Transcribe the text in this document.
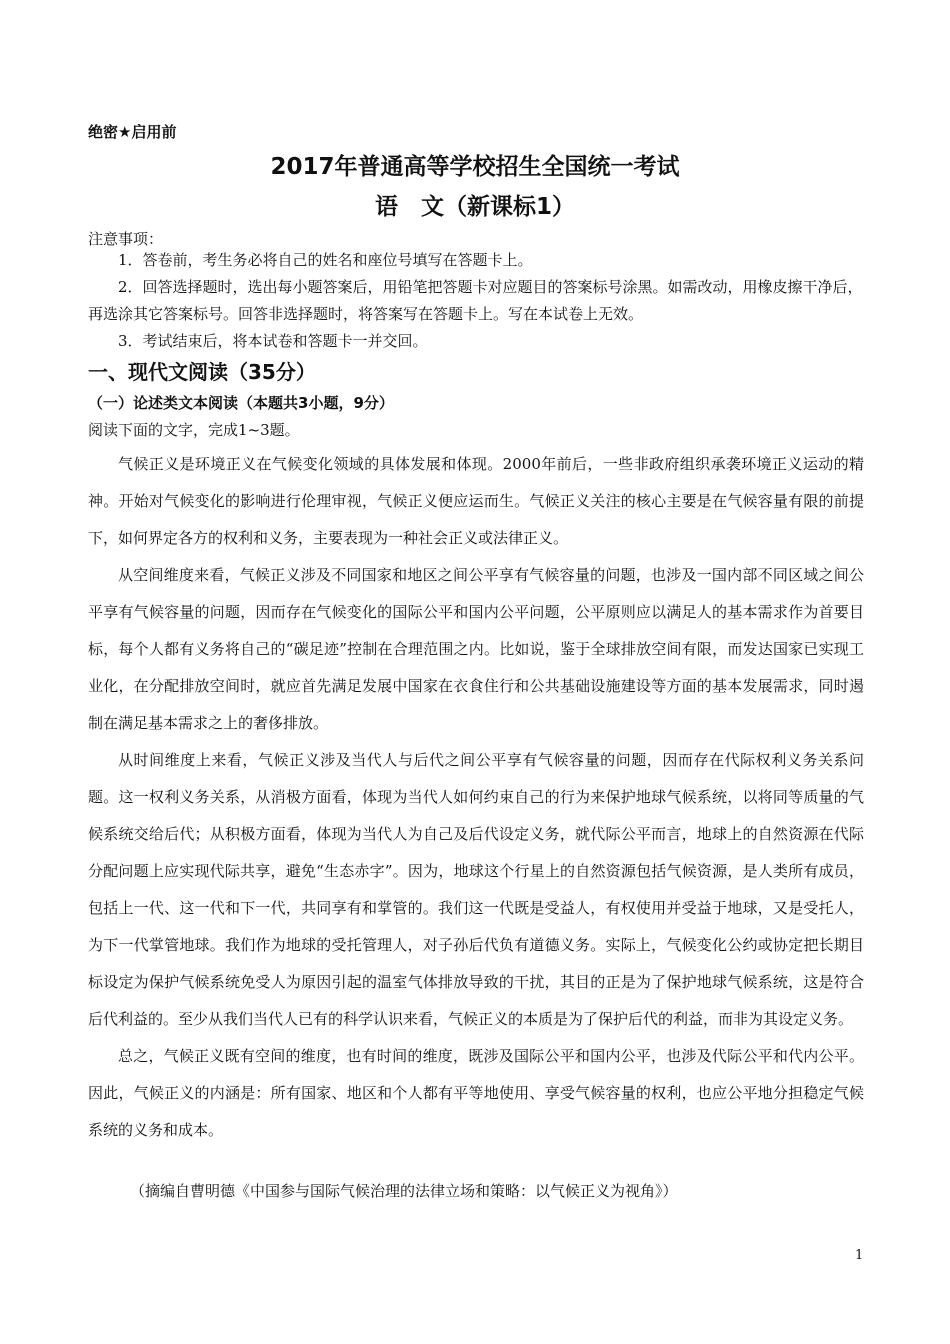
绝密★启用前
2017年普通高等学校招生全国统一考试
语　文（新课标1）
注意事项：

1．答卷前，考生务必将自己的姓名和座位号填写在答题卡上。

2．回答选择题时，选出每小题答案后，用铅笔把答题卡对应题目的答案标号涂黑。如需改动，用橡皮擦干净后，再选涂其它答案标号。回答非选择题时，将答案写在答题卡上。写在本试卷上无效。

3．考试结束后，将本试卷和答题卡一并交回。

一、现代文阅读（35分）
（一）论述类文本阅读（本题共3小题，9分）
阅读下面的文字，完成1~3题。

气候正义是环境正义在气候变化领域的具体发展和体现。2000年前后，一些非政府组织承袭环境正义运动的精神。开始对气候变化的影响进行伦理审视，气候正义便应运而生。气候正义关注的核心主要是在气候容量有限的前提下，如何界定各方的权利和义务，主要表现为一种社会正义或法律正义。

从空间维度来看，气候正义涉及不同国家和地区之间公平享有气候容量的问题，也涉及一国内部不同区域之间公平享有气候容量的问题，因而存在气候变化的国际公平和国内公平问题，公平原则应以满足人的基本需求作为首要目标，每个人都有义务将自己的“碳足迹”控制在合理范围之内。比如说，鉴于全球排放空间有限，而发达国家已实现工业化，在分配排放空间时，就应首先满足发展中国家在衣食住行和公共基础设施建设等方面的基本发展需求，同时遏制在满足基本需求之上的奢侈排放。

从时间维度上来看，气候正义涉及当代人与后代之间公平享有气候容量的问题，因而存在代际权利义务关系问题。这一权利义务关系，从消极方面看，体现为当代人如何约束自己的行为来保护地球气候系统，以将同等质量的气候系统交给后代；从积极方面看，体现为当代人为自己及后代设定义务，就代际公平而言，地球上的自然资源在代际分配问题上应实现代际共享，避免“生态赤字”。因为，地球这个行星上的自然资源包括气候资源，是人类所有成员，包括上一代、这一代和下一代，共同享有和掌管的。我们这一代既是受益人，有权使用并受益于地球，又是受托人，为下一代掌管地球。我们作为地球的受托管理人，对子孙后代负有道德义务。实际上，气候变化公约或协定把长期目标设定为保护气候系统免受人为原因引起的温室气体排放导致的干扰，其目的正是为了保护地球气候系统，这是符合后代利益的。至少从我们当代人已有的科学认识来看，气候正义的本质是为了保护后代的利益，而非为其设定义务。

总之，气候正义既有空间的维度，也有时间的维度，既涉及国际公平和国内公平，也涉及代际公平和代内公平。因此，气候正义的内涵是：所有国家、地区和个人都有平等地使用、享受气候容量的权利，也应公平地分担稳定气候系统的义务和成本。

（摘编自曹明德《中国参与国际气候治理的法律立场和策略：以气候正义为视角》）
1
